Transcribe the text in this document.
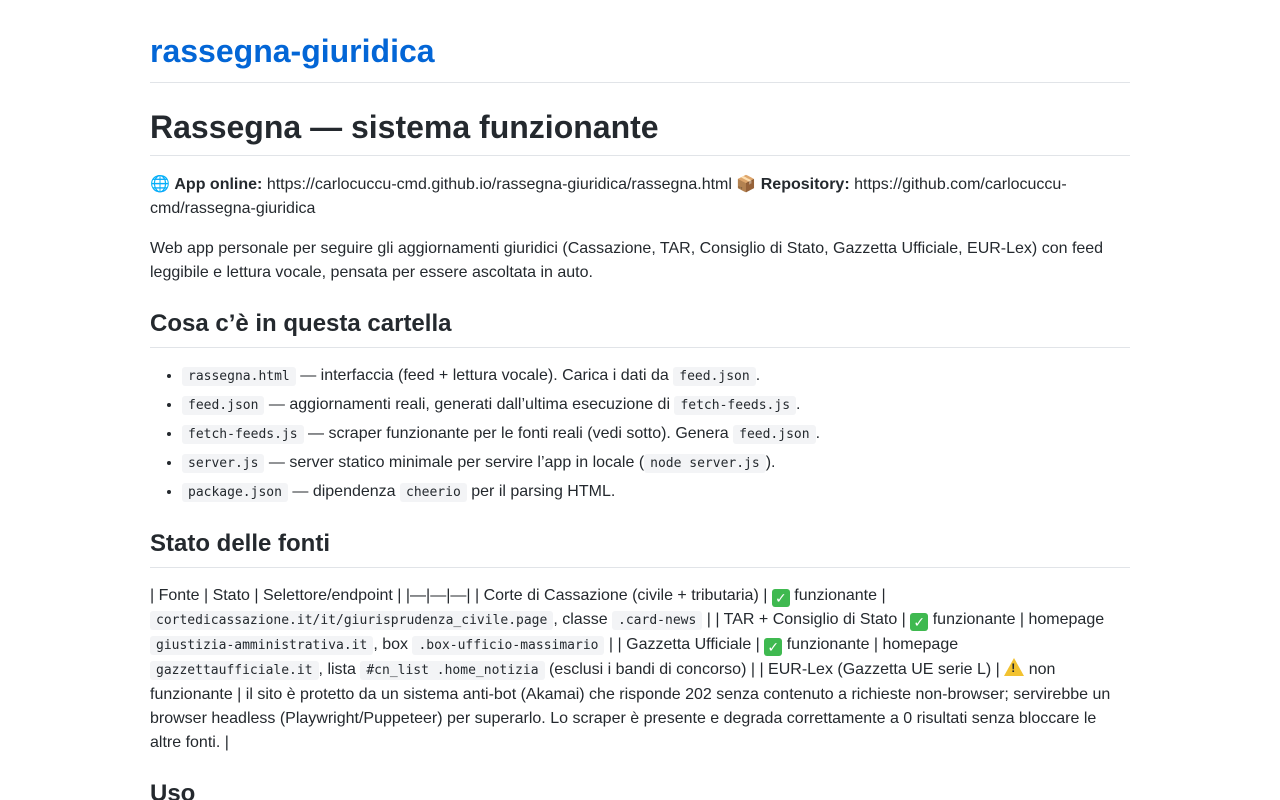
rassegna-giuridica
Rassegna — sistema funzionante

🌐 App online: https://carlocuccu-cmd.github.io/rassegna-giuridica/rassegna.html 📦 Repository: https://github.com/carlocuccu-cmd/rassegna-giuridica

Web app personale per seguire gli aggiornamenti giuridici (Cassazione, TAR, Consiglio di Stato, Gazzetta Ufficiale, EUR-Lex) con feed leggibile e lettura vocale, pensata per essere ascoltata in auto.

Cosa c’è in questa cartella
• rassegna.html — interfaccia (feed + lettura vocale). Carica i dati da feed.json .
• feed.json — aggiornamenti reali, generati dall’ultima esecuzione di fetch-feeds.js .
• fetch-feeds.js — scraper funzionante per le fonti reali (vedi sotto). Genera feed.json .
• server.js — server statico minimale per servire l’app in locale ( node server.js ).
• package.json — dipendenza cheerio per il parsing HTML.
Stato delle fonti

| Fonte | Stato | Selettore/endpoint | |—|—|—| | Corte di Cassazione (civile + tributaria) | ✓ funzionante | cortedicassazione.it/it/giurisprudenza_civile.page , classe .card-news | | TAR + Consiglio di Stato | ✓ funzionante | homepage giustizia-amministrativa.it , box .box-ufficio-massimario | | Gazzetta Ufficiale | ✓ funzionante | homepage gazzettaufficiale.it , lista #cn_list .home_notizia (esclusi i bandi di concorso) | | EUR-Lex (Gazzetta UE serie L) | ! non funzionante | il sito è protetto da un sistema anti-bot (Akamai) che risponde 202 senza contenuto a richieste non-browser; servirebbe un browser headless (Playwright/Puppeteer) per superarlo. Lo scraper è presente e degrada correttamente a 0 risultati senza bloccare le altre fonti. |

Uso
